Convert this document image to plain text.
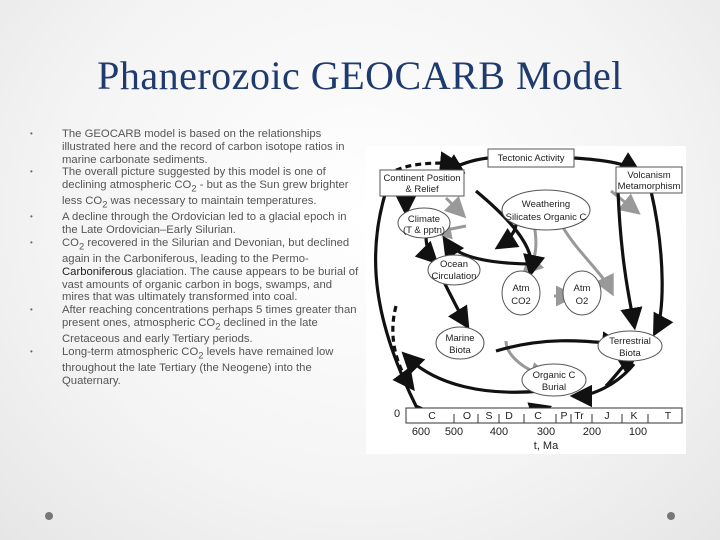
Phanerozoic GEOCARB Model
• The GEOCARB model is based on the relationships illustrated here and the record of carbon isotope ratios in marine carbonate sediments.
• The overall picture suggested by this model is one of declining atmospheric $CO_2$ - but as the Sun grew brighter less $CO_2$ was necessary to maintain temperatures.
• A decline through the Ordovician led to a glacial epoch in the Late Ordovician–Early Silurian.
• $CO_2$ recovered in the Silurian and Devonian, but declined again in the Carboniferous, leading to the Permo-Carboniferous glaciation. The cause appears to be burial of vast amounts of organic carbon in bogs, swamps, and mires that was ultimately transformed into coal.
• After reaching concentrations perhaps 5 times greater than present ones, atmospheric $CO_2$ declined in the late Cretaceous and early Tertiary periods.
• Long-term atmospheric $CO_2$ levels have remained low throughout the late Tertiary (the Neogene) into the Quaternary.
Tectonic Activity
Continent Position
& Relief
Volcanism
Metamorphism
Weathering
Silicates Organic C
Climate
(T & pptn)
Ocean
Circulation
Atm
CO2
Atm
O2
Marine
Biota
Terrestrial
Biota
Organic C
Burial
0	C	O S D C P Tr J K	T
600 500 400	300	200	100
t, Ma
